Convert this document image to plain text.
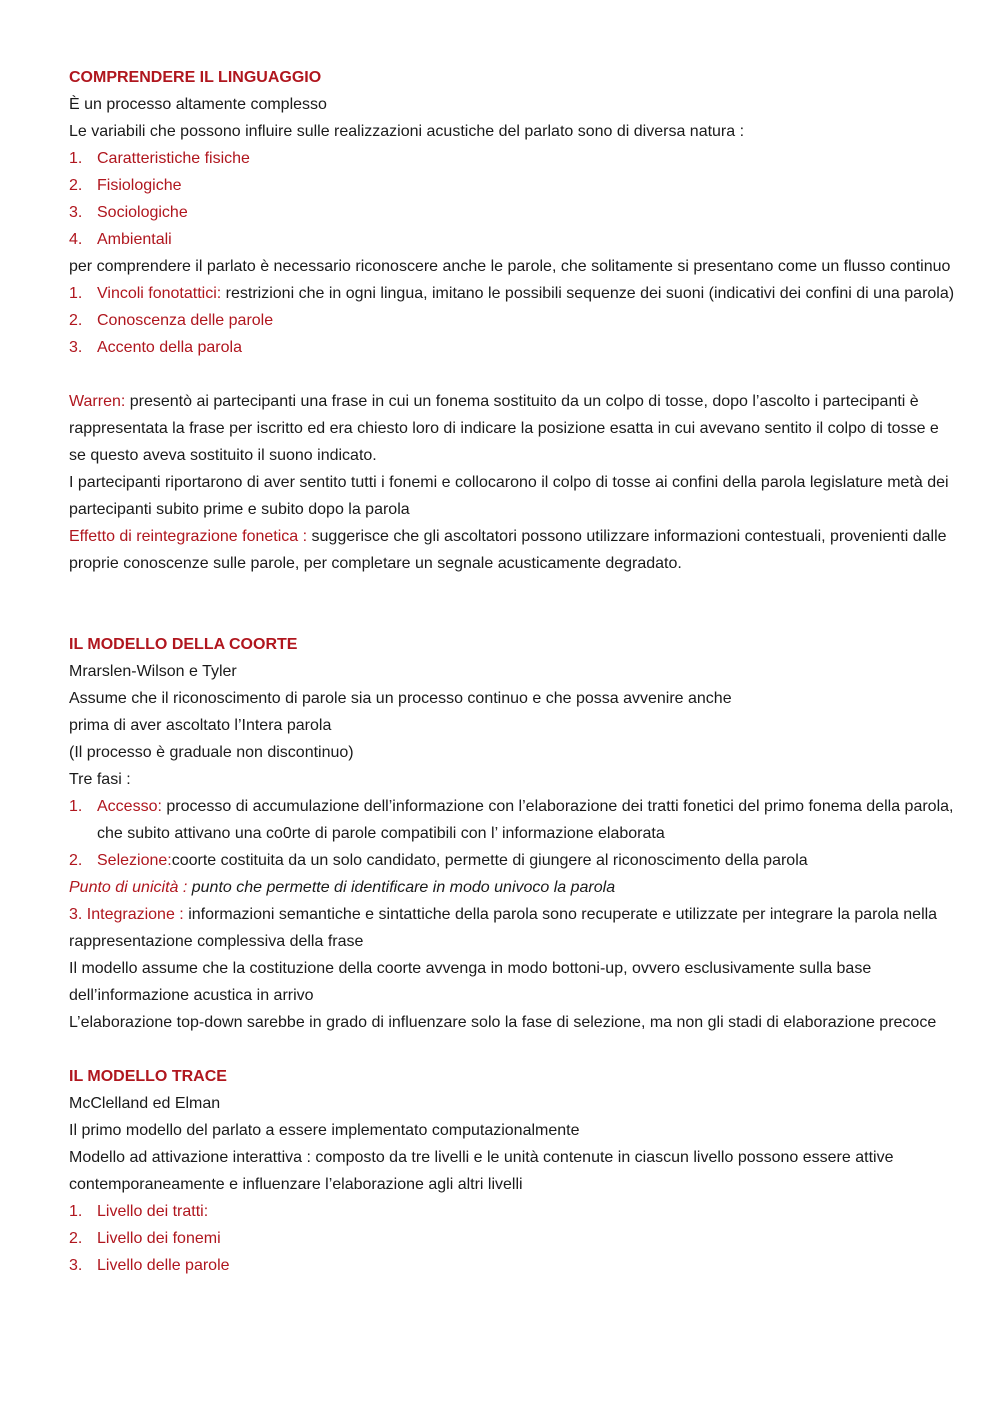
COMPRENDERE IL LINGUAGGIO

È un processo altamente complesso

Le variabili che possono influire sulle realizzazioni acustiche del parlato sono di diversa natura :

1. Caratteristiche fisiche
2. Fisiologiche
3. Sociologiche
4. Ambientali

per comprendere il parlato è necessario riconoscere anche le parole, che solitamente si presentano come un flusso continuo

1. Vincoli fonotattici: restrizioni che in ogni lingua, imitano le possibili sequenze dei suoni (indicativi dei confini di una parola)
2. Conoscenza delle parole
3. Accento della parola

Warren: presentò ai partecipanti una frase in cui un fonema sostituito da un colpo di tosse, dopo l’ascolto i partecipanti è rappresentata la frase per iscritto ed era chiesto loro di indicare la posizione esatta in cui avevano sentito il colpo di tosse e se questo aveva sostituito il suono indicato.

I partecipanti riportarono di aver sentito tutti i fonemi e collocarono il colpo di tosse ai confini della parola legislature metà dei partecipanti subito prime e subito dopo la parola

Effetto di reintegrazione fonetica : suggerisce che gli ascoltatori possono utilizzare informazioni contestuali, provenienti dalle proprie conoscenze sulle parole, per completare un segnale acusticamente degradato.

IL MODELLO DELLA COORTE

Mrarslen-Wilson e Tyler

Assume che il riconoscimento di parole sia un processo continuo e che possa avvenire anche

prima di aver ascoltato l’Intera parola

(Il processo è graduale non discontinuo)

Tre fasi :

1. Accesso: processo di accumulazione dell’informazione con l’elaborazione dei tratti fonetici del primo fonema della parola, che subito attivano una co0rte di parole compatibili con l’ informazione elaborata
2. Selezione:coorte costituita da un solo candidato, permette di giungere al riconoscimento della parola

Punto di unicità : punto che permette di identificare in modo univoco la parola

3. Integrazione : informazioni semantiche e sintattiche della parola sono recuperate e utilizzate per integrare la parola nella rappresentazione complessiva della frase

Il modello assume che la costituzione della coorte avvenga in modo bottoni-up, ovvero esclusivamente sulla base dell’informazione acustica in arrivo

L’elaborazione top-down sarebbe in grado di influenzare solo la fase di selezione, ma non gli stadi di elaborazione precoce

IL MODELLO TRACE

McClelland ed Elman

Il primo modello del parlato a essere implementato computazionalmente

Modello ad attivazione interattiva : composto da tre livelli e le unità contenute in ciascun livello possono essere attive contemporaneamente e influenzare l’elaborazione agli altri livelli

1. Livello dei tratti:
2. Livello dei fonemi
3. Livello delle parole
